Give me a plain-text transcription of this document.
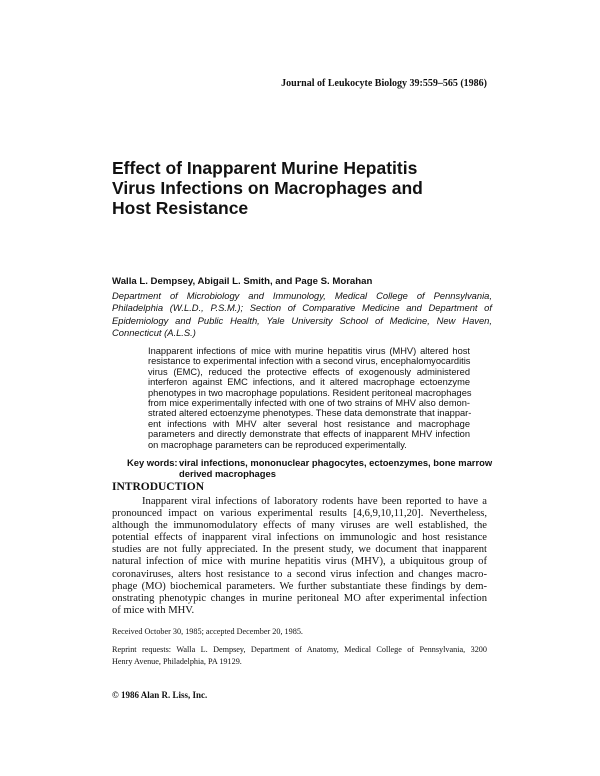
Journal of Leukocyte Biology 39:559–565 (1986)
Effect of Inapparent Murine Hepatitis
Virus Infections on Macrophages and
Host Resistance
Walla L. Dempsey, Abigail L. Smith, and Page S. Morahan
Department of Microbiology and Immunology, Medical College of Pennsylvania,
Philadelphia (W.L.D., P.S.M.); Section of Comparative Medicine and Department of
Epidemiology and Public Health, Yale University School of Medicine, New Haven,
Connecticut (A.L.S.)
Inapparent infections of mice with murine hepatitis virus (MHV) altered host
resistance to experimental infection with a second virus, encephalomyocarditis
virus (EMC), reduced the protective effects of exogenously administered
interferon against EMC infections, and it altered macrophage ectoenzyme
phenotypes in two macrophage populations. Resident peritoneal macrophages
from mice experimentally infected with one of two strains of MHV also demon-
strated altered ectoenzyme phenotypes. These data demonstrate that inappar-
ent infections with MHV alter several host resistance and macrophage
parameters and directly demonstrate that effects of inapparent MHV infection
on macrophage parameters can be reproduced experimentally.
Key words:viral infections, mononuclear phagocytes, ectoenzymes, bone marrow
derived macrophages
INTRODUCTION
Inapparent viral infections of laboratory rodents have been reported to have a
pronounced impact on various experimental results [4,6,9,10,11,20]. Nevertheless,
although the immunomodulatory effects of many viruses are well established, the
potential effects of inapparent viral infections on immunologic and host resistance
studies are not fully appreciated. In the present study, we document that inapparent
natural infection of mice with murine hepatitis virus (MHV), a ubiquitous group of
coronaviruses, alters host resistance to a second virus infection and changes macro-
phage (MO) biochemical parameters. We further substantiate these findings by dem-
onstrating phenotypic changes in murine peritoneal MO after experimental infection
of mice with MHV.
Received October 30, 1985; accepted December 20, 1985.
Reprint requests: Walla L. Dempsey, Department of Anatomy, Medical College of Pennsylvania, 3200
Henry Avenue, Philadelphia, PA 19129.
© 1986 Alan R. Liss, Inc.
